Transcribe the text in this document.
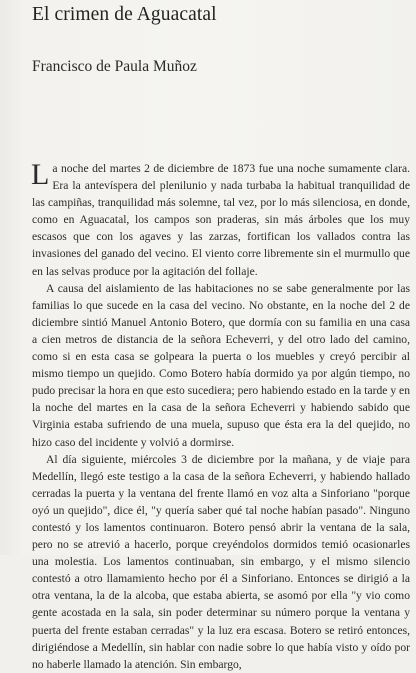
El crimen de Aguacatal
Francisco de Paula Muñoz

La noche del martes 2 de diciembre de 1873 fue una noche sumamente clara. Era la antevíspera del plenilunio y nada turbaba la habitual tranquilidad de las campiñas, tranquilidad más solemne, tal vez, por lo más silenciosa, en donde, como en Aguacatal, los campos son praderas, sin más árboles que los muy escasos que con los agaves y las zarzas, fortifican los vallados contra las invasiones del ganado del vecino. El viento corre libremente sin el murmullo que en las selvas produce por la agitación del follaje.

A causa del aislamiento de las habitaciones no se sabe generalmente por las familias lo que sucede en la casa del vecino. No obstante, en la noche del 2 de diciembre sintió Manuel Antonio Botero, que dormía con su familia en una casa a cien metros de distancia de la señora Echeverri, y del otro lado del camino, como si en esta casa se golpeara la puerta o los muebles y creyó percibir al mismo tiempo un quejido. Como Botero había dormido ya por algún tiempo, no pudo precisar la hora en que esto sucediera; pero habiendo estado en la tarde y en la noche del martes en la casa de la señora Echeverri y habiendo sabido que Virginia estaba sufriendo de una muela, supuso que ésta era la del quejido, no hizo caso del incidente y volvió a dormirse.

Al día siguiente, miércoles 3 de diciembre por la mañana, y de viaje para Medellín, llegó este testigo a la casa de la señora Echeverri, y habiendo hallado cerradas la puerta y la ventana del frente llamó en voz alta a Sinforiano "porque oyó un quejido", dice él, "y quería saber qué tal noche habían pasado". Ninguno contestó y los lamentos continuaron. Botero pensó abrir la ventana de la sala, pero no se atrevió a hacerlo, porque creyéndolos dormidos temió ocasionarles una molestia. Los lamentos continuaban, sin embargo, y el mismo silencio contestó a otro llamamiento hecho por él a Sinforiano. Entonces se dirigió a la otra ventana, la de la alcoba, que estaba abierta, se asomó por ella "y vio como gente acostada en la sala, sin poder determinar su número porque la ventana y puerta del frente estaban cerradas" y la luz era escasa. Botero se retiró entonces, dirigiéndose a Medellín, sin hablar con nadie sobre lo que había visto y oído por no haberle llamado la atención. Sin embargo,
